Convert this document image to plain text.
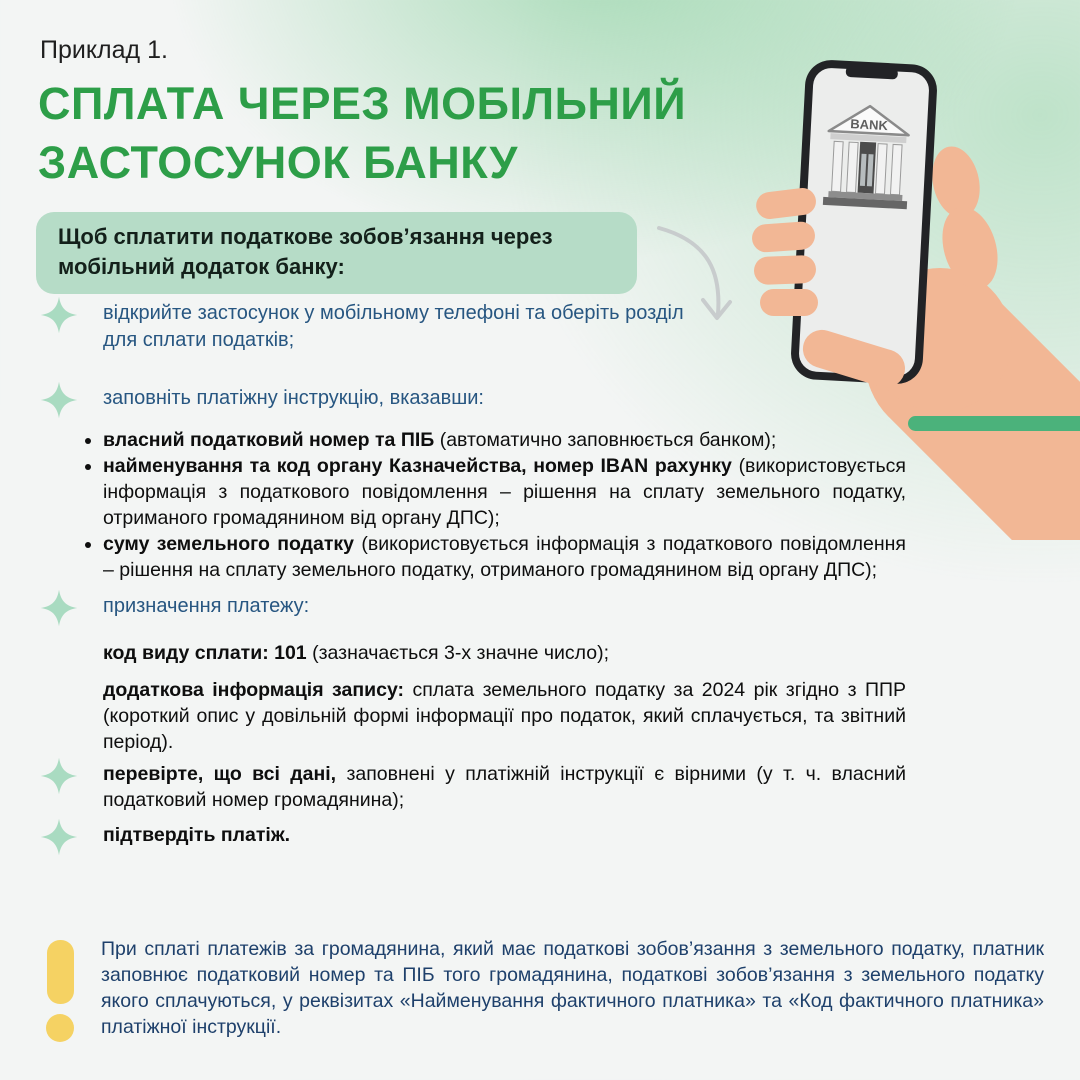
Приклад 1.
СПЛАТА ЧЕРЕЗ МОБІЛЬНИЙ
ЗАСТОСУНОК БАНКУ
Щоб сплатити податкове зобов’язання через мобільний додаток банку:
BANK
відкрийте застосунок у мобільному телефоні та оберіть розділ для сплати податків;
заповніть платіжну інструкцію, вказавши:
• власний податковий номер та ПІБ (автоматично заповнюється банком);
• найменування та код органу Казначейства, номер IBAN рахунку (використовується інформація з податкового повідомлення – рішення на сплату земельного податку, отриманого громадянином від органу ДПС);
• суму земельного податку (використовується інформація з податкового повідомлення – рішення на сплату земельного податку, отриманого громадянином від органу ДПС);
призначення платежу:

код виду сплати: 101 (зазначається 3-х значне число);

додаткова інформація запису: сплата земельного податку за 2024 рік згідно з ППР (короткий опис у довільній формі інформації про податок, який сплачується, та звітний період).

перевірте, що всі дані, заповнені у платіжній інструкції є вірними (у т. ч. власний податковий номер громадянина);
підтвердіть платіж.
При сплаті платежів за громадянина, який має податкові зобов’язання з земельного податку, платник заповнює податковий номер та ПІБ того громадянина, податкові зобов’язання з земельного податку якого сплачуються, у реквізитах «Найменування фактичного платника» та «Код фактичного платника» платіжної інструкції.
